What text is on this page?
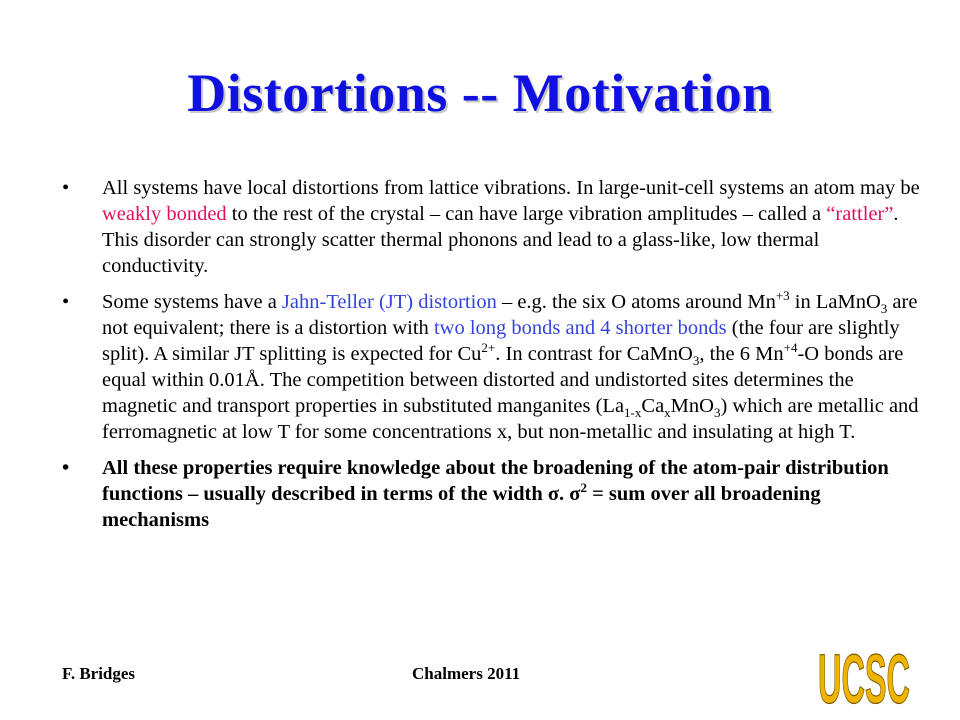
Distortions -- Motivation
•	All systems have local distortions from lattice vibrations. In large-unit-cell systems an atom may be weakly bonded to the rest of the crystal – can have large vibration amplitudes – called a “rattler”. This disorder can strongly scatter thermal phonons and lead to a glass-like, low thermal conductivity.
•	Some systems have a Jahn-Teller (JT) distortion – e.g. the six O atoms around $Mn^{+3}$ in LaMnO$_3$ are not equivalent; there is a distortion with two long bonds and 4 shorter bonds (the four are slightly split). A similar JT splitting is expected for $Cu^{2+}$. In contrast for CaMnO$_3$, the 6 $Mn^{+4}-O$ bonds are equal within 0.01Å. The competition between distorted and undistorted sites determines the magnetic and transport properties in substituted manganites $(La_{1-x}Ca_xMnO_3)$ which are metallic and ferromagnetic at low T for some concentrations x, but non-metallic and insulating at high T.
•	All these properties require knowledge about the broadening of the atom-pair distribution functions – usually described in terms of the width σ. $\sigma^2$ = sum over all broadening mechanisms
F. Bridges	Chalmers 2011	UCSC
